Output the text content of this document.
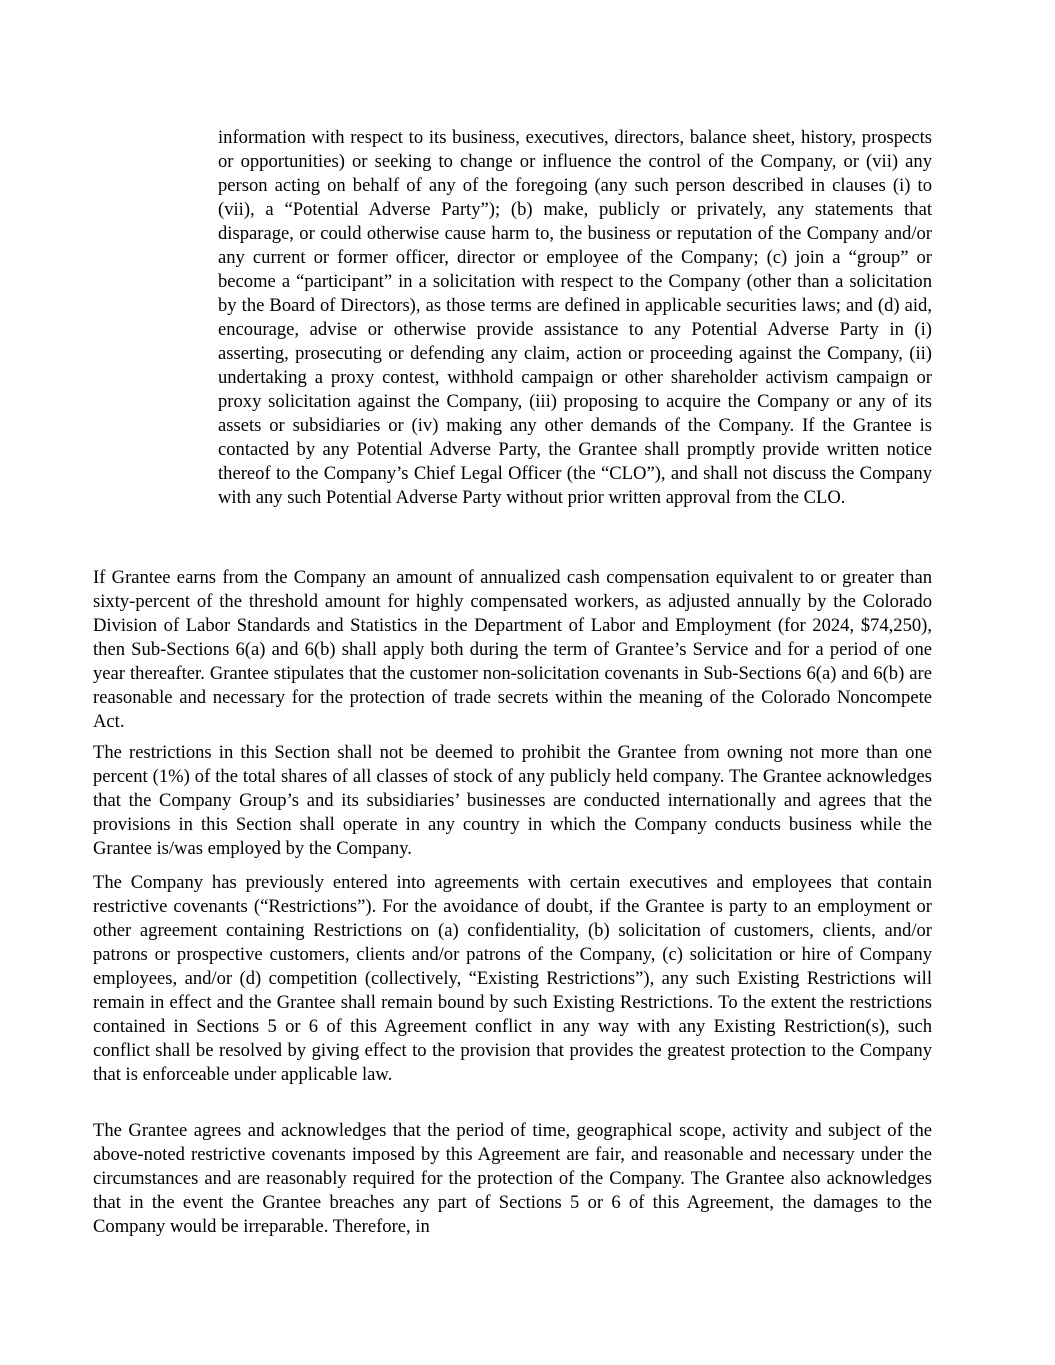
information with respect to its business, executives, directors, balance sheet, history, prospects or opportunities) or seeking to change or influence the control of the Company, or (vii) any person acting on behalf of any of the foregoing (any such person described in clauses (i) to (vii), a “Potential Adverse Party”); (b) make, publicly or privately, any statements that disparage, or could otherwise cause harm to, the business or reputation of the Company and/or any current or former officer, director or employee of the Company; (c) join a “group” or become a “participant” in a solicitation with respect to the Company (other than a solicitation by the Board of Directors), as those terms are defined in applicable securities laws; and (d) aid, encourage, advise or otherwise provide assistance to any Potential Adverse Party in (i) asserting, prosecuting or defending any claim, action or proceeding against the Company, (ii) undertaking a proxy contest, withhold campaign or other shareholder activism campaign or proxy solicitation against the Company, (iii) proposing to acquire the Company or any of its assets or subsidiaries or (iv) making any other demands of the Company. If the Grantee is contacted by any Potential Adverse Party, the Grantee shall promptly provide written notice thereof to the Company’s Chief Legal Officer (the “CLO”), and shall not discuss the Company with any such Potential Adverse Party without prior written approval from the CLO.

If Grantee earns from the Company an amount of annualized cash compensation equivalent to or greater than sixty-percent of the threshold amount for highly compensated workers, as adjusted annually by the Colorado Division of Labor Standards and Statistics in the Department of Labor and Employment (for 2024, $74,250), then Sub-Sections 6(a) and 6(b) shall apply both during the term of Grantee’s Service and for a period of one year thereafter. Grantee stipulates that the customer non-solicitation covenants in Sub-Sections 6(a) and 6(b) are reasonable and necessary for the protection of trade secrets within the meaning of the Colorado Noncompete Act.

The restrictions in this Section shall not be deemed to prohibit the Grantee from owning not more than one percent (1%) of the total shares of all classes of stock of any publicly held company. The Grantee acknowledges that the Company Group’s and its subsidiaries’ businesses are conducted internationally and agrees that the provisions in this Section shall operate in any country in which the Company conducts business while the Grantee is/was employed by the Company.

The Company has previously entered into agreements with certain executives and employees that contain restrictive covenants (“Restrictions”). For the avoidance of doubt, if the Grantee is party to an employment or other agreement containing Restrictions on (a) confidentiality, (b) solicitation of customers, clients, and/or patrons or prospective customers, clients and/or patrons of the Company, (c) solicitation or hire of Company employees, and/or (d) competition (collectively, “Existing Restrictions”), any such Existing Restrictions will remain in effect and the Grantee shall remain bound by such Existing Restrictions. To the extent the restrictions contained in Sections 5 or 6 of this Agreement conflict in any way with any Existing Restriction(s), such conflict shall be resolved by giving effect to the provision that provides the greatest protection to the Company that is enforceable under applicable law.

The Grantee agrees and acknowledges that the period of time, geographical scope, activity and subject of the above-noted restrictive covenants imposed by this Agreement are fair, and reasonable and necessary under the circumstances and are reasonably required for the protection of the Company. The Grantee also acknowledges that in the event the Grantee breaches any part of Sections 5 or 6 of this Agreement, the damages to the Company would be irreparable. Therefore, in
